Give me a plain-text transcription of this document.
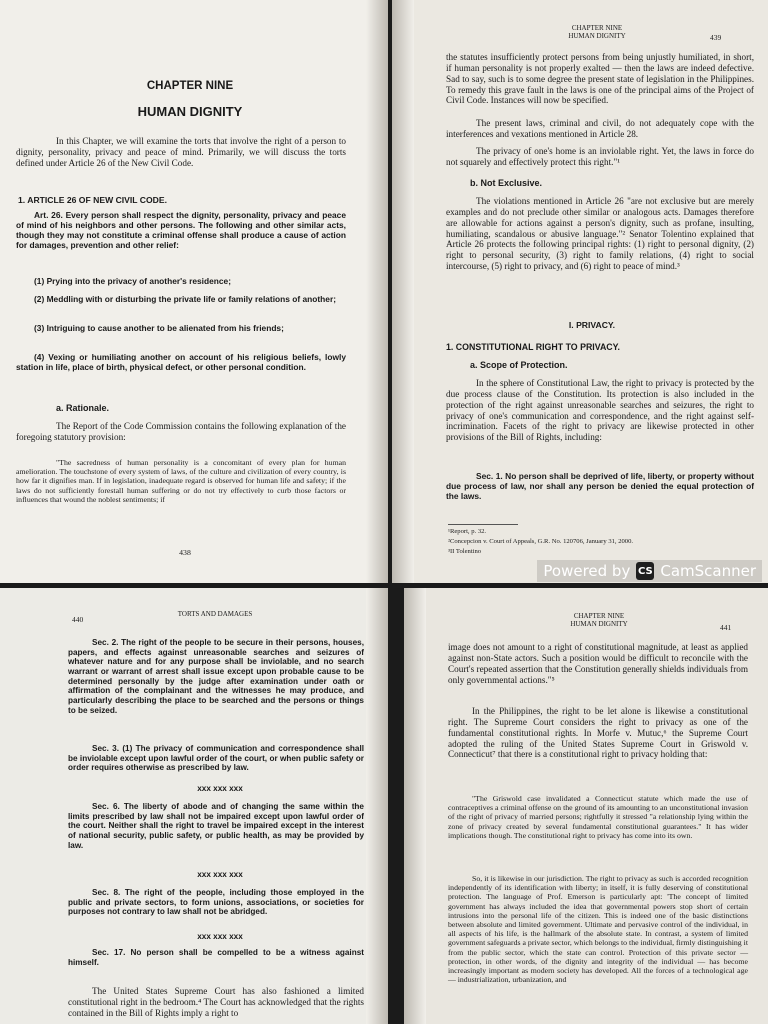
CHAPTER NINE
HUMAN DIGNITY
In this Chapter, we will examine the torts that involve the right of a person to dignity, personality, privacy and peace of mind. Primarily, we will discuss the torts defined under Article 26 of the New Civil Code.
1. ARTICLE 26 OF NEW CIVIL CODE.
Art. 26. Every person shall respect the dignity, personality, privacy and peace of mind of his neighbors and other persons. The following and other similar acts, though they may not constitute a criminal offense shall produce a cause of action for damages, prevention and other relief:
(1) Prying into the privacy of another's residence;
(2) Meddling with or disturbing the private life or family relations of another;
(3) Intriguing to cause another to be alienated from his friends;
(4) Vexing or humiliating another on account of his religious beliefs, lowly station in life, place of birth, physical defect, or other personal condition.
a. Rationale.
The Report of the Code Commission contains the following explanation of the foregoing statutory provision:
"The sacredness of human personality is a concomitant of every plan for human amelioration. The touchstone of every system of laws, of the culture and civilization of every country, is how far it dignifies man. If in legislation, inadequate regard is observed for human life and safety; if the laws do not sufficiently forestall human suffering or do not try effectively to curb those factors or influences that wound the noblest sentiments; if
438
CHAPTER NINE
HUMAN DIGNITY	439
the statutes insufficiently protect persons from being unjustly humiliated, in short, if human personality is not properly exalted — then the laws are indeed defective. Sad to say, such is to some degree the present state of legislation in the Philippines. To remedy this grave fault in the laws is one of the principal aims of the Project of Civil Code. Instances will now be specified.
The present laws, criminal and civil, do not adequately cope with the interferences and vexations mentioned in Article 28.
The privacy of one's home is an inviolable right. Yet, the laws in force do not squarely and effectively protect this right."¹
b. Not Exclusive.
The violations mentioned in Article 26 "are not exclusive but are merely examples and do not preclude other similar or analogous acts. Damages therefore are allowable for actions against a person's dignity, such as profane, insulting, humiliating, scandalous or abusive language."² Senator Tolentino explained that Article 26 protects the following principal rights: (1) right to personal dignity, (2) right to personal security, (3) right to family relations, (4) right to social intercourse, (5) right to privacy, and (6) right to peace of mind.³
I. PRIVACY.
1. CONSTITUTIONAL RIGHT TO PRIVACY.
a. Scope of Protection.
In the sphere of Constitutional Law, the right to privacy is protected by the due process clause of the Constitution. Its protection is also included in the protection of the right against unreasonable searches and seizures, the right to privacy of one's communication and correspondence, and the right against self-incrimination. Facets of the right to privacy are likewise protected in other provisions of the Bill of Rights, including:
Sec. 1. No person shall be deprived of life, liberty, or property without due process of law, nor shall any person be denied the equal protection of the laws.
¹Report, p. 32.
²Concepcion v. Court of Appeals, G.R. No. 120706, January 31, 2000.
³II Tolentino
Powered by CS CamScanner
440
TORTS AND DAMAGES
Sec. 2. The right of the people to be secure in their persons, houses, papers, and effects against unreasonable searches and seizures of whatever nature and for any purpose shall be inviolable, and no search warrant or warrant of arrest shall issue except upon probable cause to be determined personally by the judge after examination under oath or affirmation of the complainant and the witnesses he may produce, and particularly describing the place to be searched and the persons or things to be seized.
Sec. 3. (1) The privacy of communication and correspondence shall be inviolable except upon lawful order of the court, or when public safety or order requires otherwise as prescribed by law.
xxx xxx xxx
Sec. 6. The liberty of abode and of changing the same within the limits prescribed by law shall not be impaired except upon lawful order of the court. Neither shall the right to travel be impaired except in the interest of national security, public safety, or public health, as may be provided by law.
xxx xxx xxx
Sec. 8. The right of the people, including those employed in the public and private sectors, to form unions, associations, or societies for purposes not contrary to law shall not be abridged.
xxx xxx xxx
Sec. 17. No person shall be compelled to be a witness against himself.
The United States Supreme Court has also fashioned a limited constitutional right in the bedroom.⁴ The Court has acknowledged that the rights contained in the Bill of Rights imply a right to
CHAPTER NINE
HUMAN DIGNITY	441
image does not amount to a right of constitutional magnitude, at least as applied against non-State actors. Such a position would be difficult to reconcile with the Court's repeated assertion that the Constitution generally shields individuals from only governmental actions."⁵
In the Philippines, the right to be let alone is likewise a constitutional right. The Supreme Court considers the right to privacy as one of the fundamental constitutional rights. In Morfe v. Mutuc,⁶ the Supreme Court adopted the ruling of the United States Supreme Court in Griswold v. Connecticut⁷ that there is a constitutional right to privacy holding that:
"The Griswold case invalidated a Connecticut statute which made the use of contraceptives a criminal offense on the ground of its amounting to an unconstitutional invasion of the right of privacy of married persons; rightfully it stressed "a relationship lying within the zone of privacy created by several fundamental constitutional guarantees." It has wider implications though. The constitutional right to privacy has come into its own.
So, it is likewise in our jurisdiction. The right to privacy as such is accorded recognition independently of its identification with liberty; in itself, it is fully deserving of constitutional protection. The language of Prof. Emerson is particularly apt: 'The concept of limited government has always included the idea that governmental powers stop short of certain intrusions into the personal life of the citizen. This is indeed one of the basic distinctions between absolute and limited government. Ultimate and pervasive control of the individual, in all aspects of his life, is the hallmark of the absolute state. In contrast, a system of limited government safeguards a private sector, which belongs to the individual, firmly distinguishing it from the public sector, which the state can control. Protection of this private sector — protection, in other words, of the dignity and integrity of the individual — has become increasingly important as modern society has developed. All the forces of a technological age — industrialization, urbanization, and
